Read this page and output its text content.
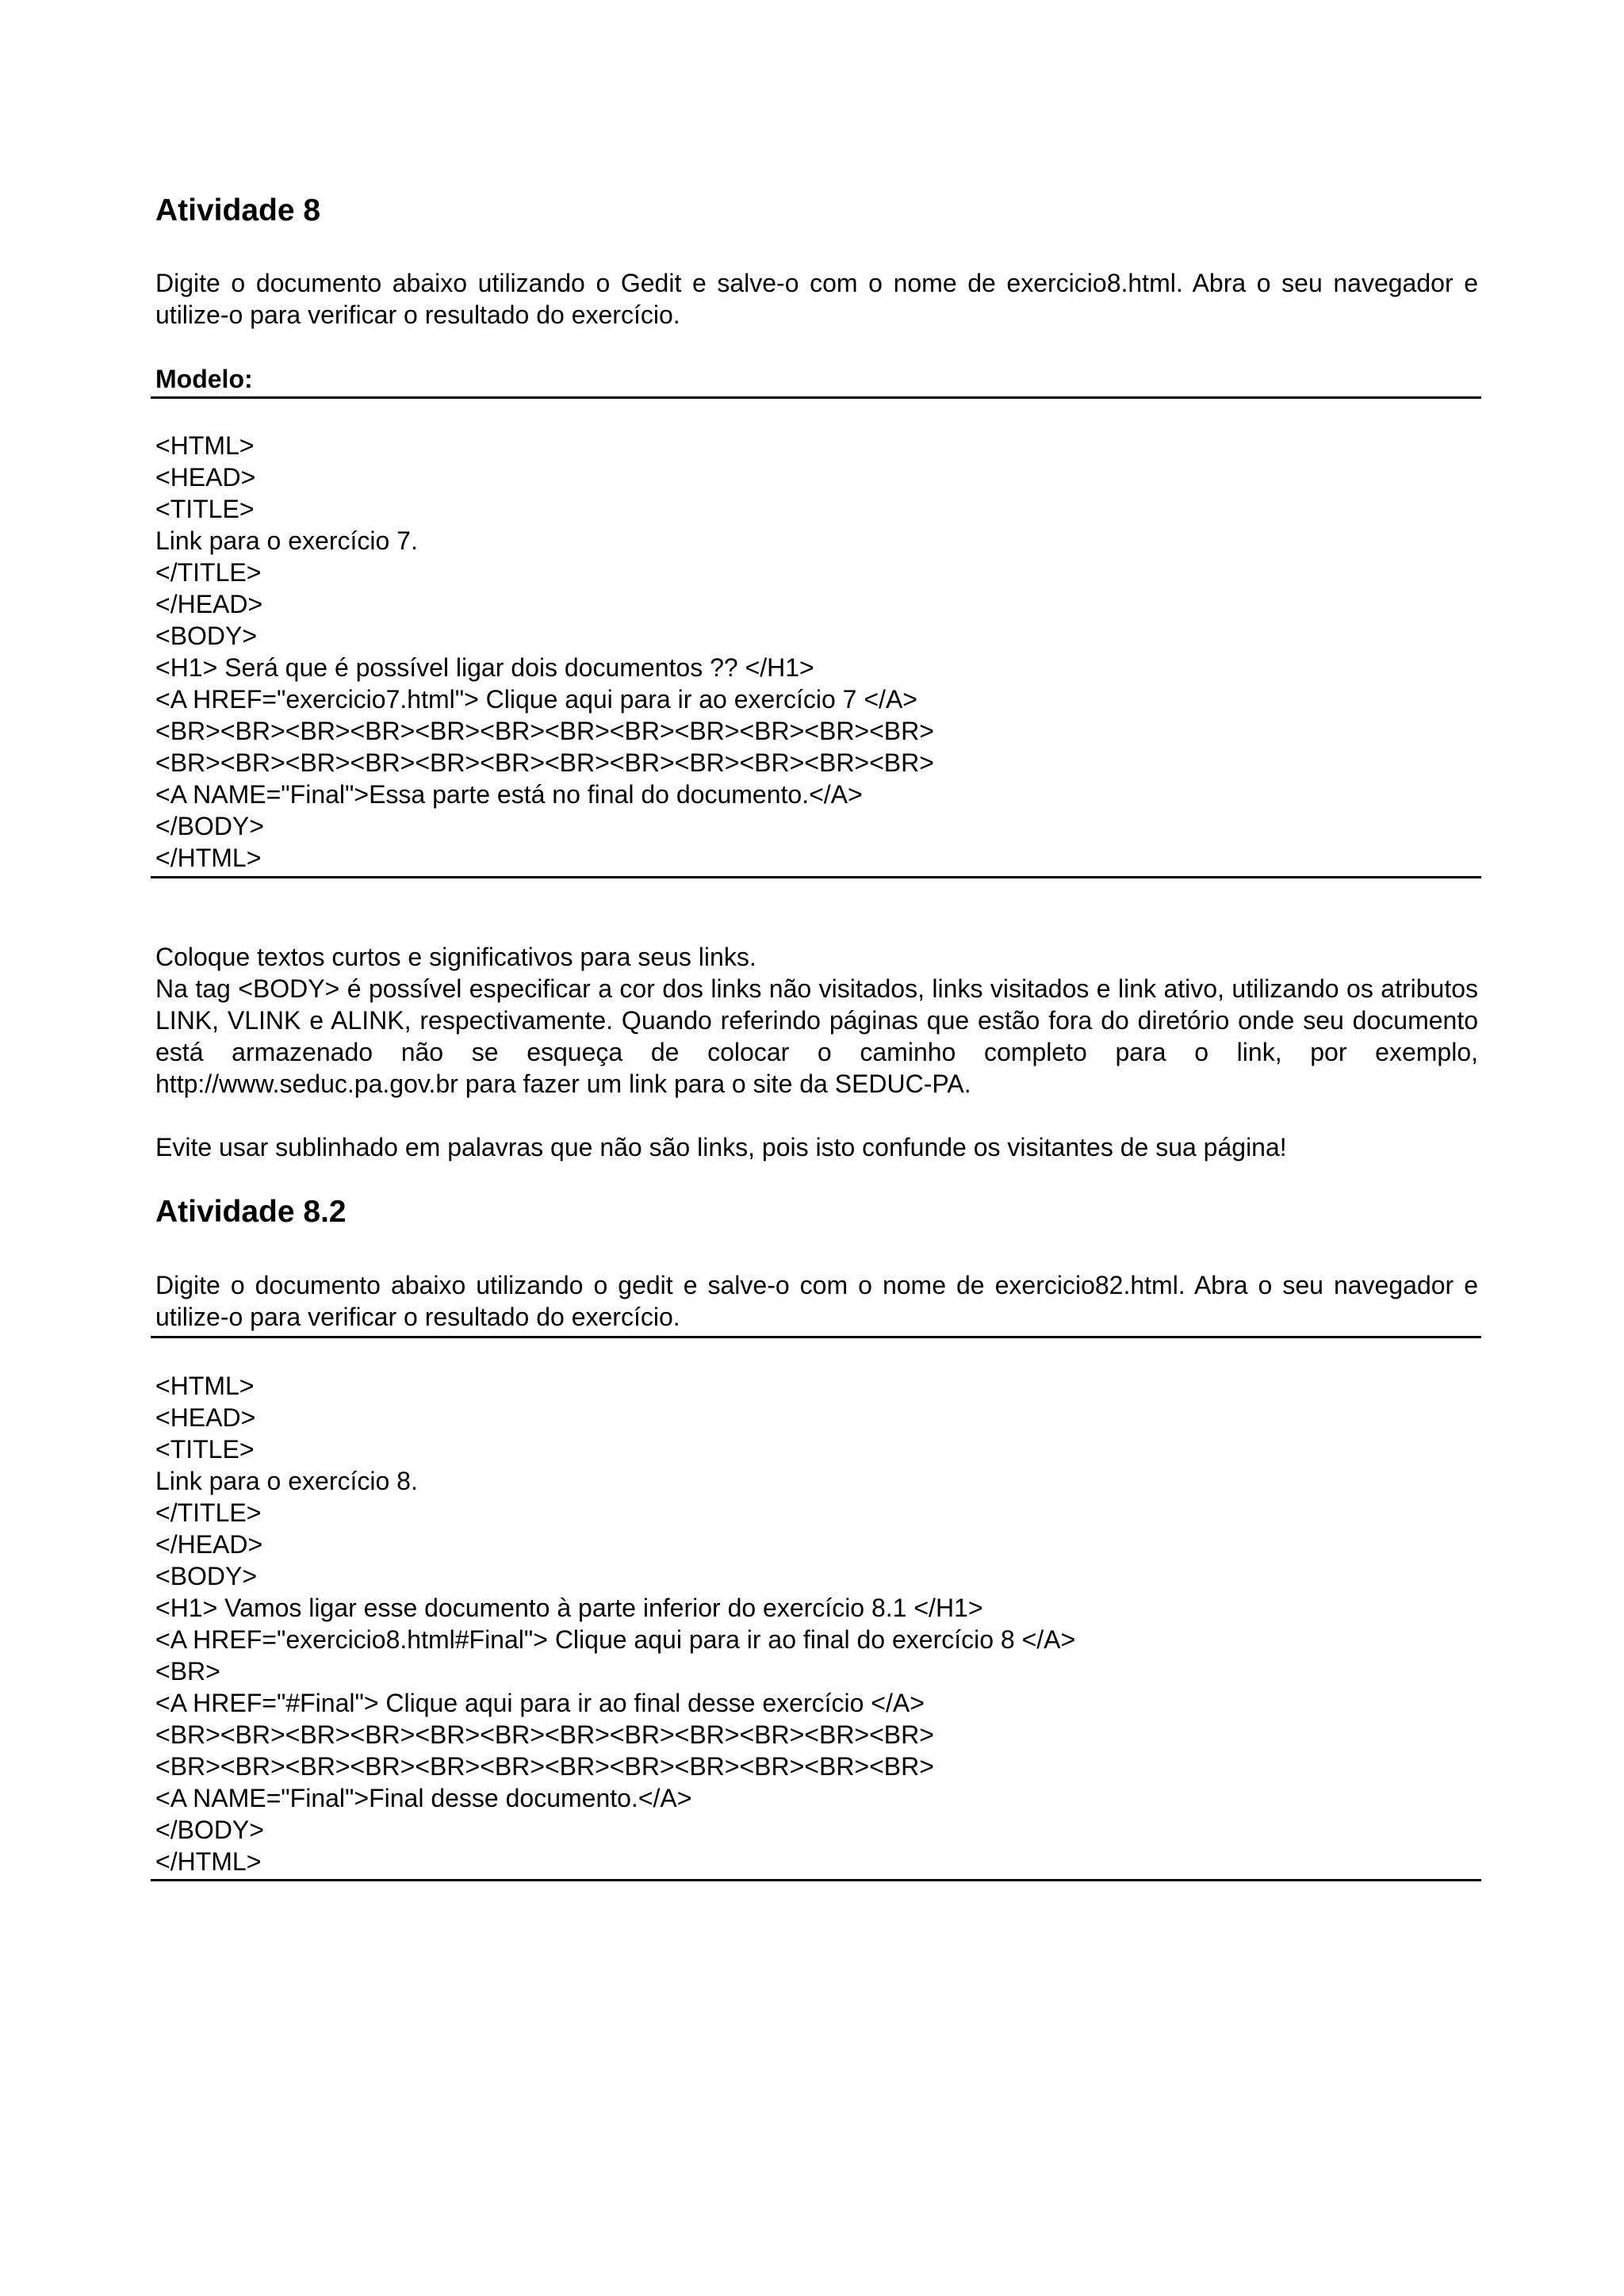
Atividade 8
Digite o documento abaixo utilizando o Gedit e salve-o com o nome de exercicio8.html. Abra o seu navegador e utilize-o para verificar o resultado do exercício.
Modelo:
<HTML>
<HEAD>
<TITLE>
Link para o exercício 7.
</TITLE>
</HEAD>
<BODY>
<H1> Será que é possível ligar dois documentos ?? </H1>
<A HREF="exercicio7.html"> Clique aqui para ir ao exercício 7 </A>
<BR><BR><BR><BR><BR><BR><BR><BR><BR><BR><BR><BR>
<BR><BR><BR><BR><BR><BR><BR><BR><BR><BR><BR><BR>
<A NAME="Final">Essa parte está no final do documento.</A>
</BODY>
</HTML>
Coloque textos curtos e significativos para seus links.
Na tag <BODY> é possível especificar a cor dos links não visitados, links visitados e link ativo, utilizando os atributos LINK, VLINK e ALINK, respectivamente. Quando referindo páginas que estão fora do diretório onde seu documento está armazenado não se esqueça de colocar o caminho completo para o link, por exemplo, http://www.seduc.pa.gov.br para fazer um link para o site da SEDUC-PA.
Evite usar sublinhado em palavras que não são links, pois isto confunde os visitantes de sua página!
Atividade 8.2
Digite o documento abaixo utilizando o gedit e salve-o com o nome de exercicio82.html. Abra o seu navegador e utilize-o para verificar o resultado do exercício.
<HTML>
<HEAD>
<TITLE>
Link para o exercício 8.
</TITLE>
</HEAD>
<BODY>
<H1> Vamos ligar esse documento à parte inferior do exercício 8.1 </H1>
<A HREF="exercicio8.html#Final"> Clique aqui para ir ao final do exercício 8 </A>
<BR>
<A HREF="#Final"> Clique aqui para ir ao final desse exercício </A>
<BR><BR><BR><BR><BR><BR><BR><BR><BR><BR><BR><BR>
<BR><BR><BR><BR><BR><BR><BR><BR><BR><BR><BR><BR>
<A NAME="Final">Final desse documento.</A>
</BODY>
</HTML>
